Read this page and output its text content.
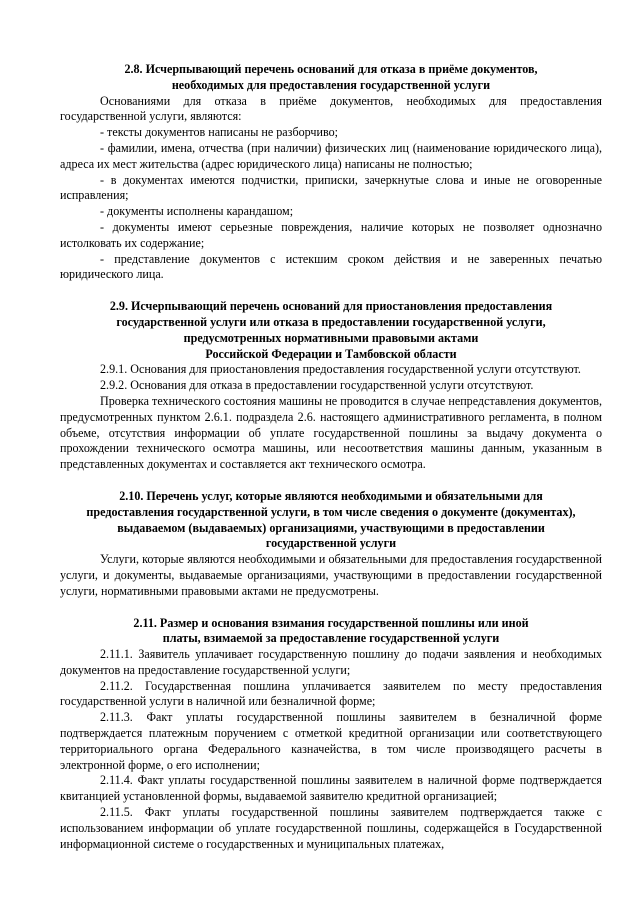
2.8. Исчерпывающий перечень оснований для отказа в приёме документов,
необходимых для предоставления государственной услуги

Основаниями для отказа в приёме документов, необходимых для предоставления государственной услуги, являются:

- тексты документов написаны не разборчиво;

- фамилии, имена, отчества (при наличии) физических лиц (наименование юридического лица), адреса их мест жительства (адрес юридического лица) написаны не полностью;

- в документах имеются подчистки, приписки, зачеркнутые слова и иные не оговоренные исправления;

- документы исполнены карандашом;

- документы имеют серьезные повреждения, наличие которых не позволяет однозначно истолковать их содержание;

- представление документов с истекшим сроком действия и не заверенных печатью юридического лица.

2.9. Исчерпывающий перечень оснований для приостановления предоставления
государственной услуги или отказа в предоставлении государственной услуги,
предусмотренных нормативными правовыми актами
Российской Федерации и Тамбовской области

2.9.1. Основания для приостановления предоставления государственной услуги отсутствуют.

2.9.2. Основания для отказа в предоставлении государственной услуги отсутствуют.

Проверка технического состояния машины не проводится в случае непредставления документов, предусмотренных пунктом 2.6.1. подраздела 2.6. настоящего административного регламента, в полном объеме, отсутствия информации об уплате государственной пошлины за выдачу документа о прохождении технического осмотра машины, или несоответствия машины данным, указанным в представленных документах и составляется акт технического осмотра.

2.10. Перечень услуг, которые являются необходимыми и обязательными для
предоставления государственной услуги, в том числе сведения о документе (документах),
выдаваемом (выдаваемых) организациями, участвующими в предоставлении
государственной услуги

Услуги, которые являются необходимыми и обязательными для предоставления государственной услуги, и документы, выдаваемые организациями, участвующими в предоставлении государственной услуги, нормативными правовыми актами не предусмотрены.

2.11. Размер и основания взимания государственной пошлины или иной
платы, взимаемой за предоставление государственной услуги

2.11.1. Заявитель уплачивает государственную пошлину до подачи заявления и необходимых документов на предоставление государственной услуги;

2.11.2. Государственная пошлина уплачивается заявителем по месту предоставления государственной услуги в наличной или безналичной форме;

2.11.3. Факт уплаты государственной пошлины заявителем в безналичной форме подтверждается платежным поручением с отметкой кредитной организации или соответствующего территориального органа Федерального казначейства, в том числе производящего расчеты в электронной форме, о его исполнении;

2.11.4. Факт уплаты государственной пошлины заявителем в наличной форме подтверждается квитанцией установленной формы, выдаваемой заявителю кредитной организацией;

2.11.5. Факт уплаты государственной пошлины заявителем подтверждается также с использованием информации об уплате государственной пошлины, содержащейся в Государственной информационной системе о государственных и муниципальных платежах,
